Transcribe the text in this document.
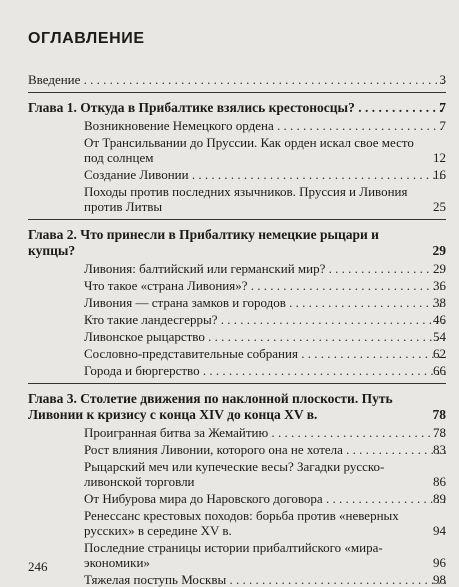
ОГЛАВЛЕНИЕ
Введение . . .	3
Глава 1. Откуда в Прибалтике взялись крестоносцы? . . .	7
Возникновение Немецкого ордена . . .	7
От Трансильвании до Пруссии. Как орден искал свое место под солнцем	12
Создание Ливонии . . .	16
Походы против последних язычников. Пруссия и Ливония против Литвы	25
Глава 2. Что принесли в Прибалтику немецкие рыцари и купцы?	29
Ливония: балтийский или германский мир? . . .	29
Что такое «страна Ливония»? . . .	36
Ливония — страна замков и городов . . .	38
Кто такие ландесгерры? . . .	46
Ливонское рыцарство . . .	54
Сословно-представительные собрания . . .	62
Города и бюргерство . . .	66
Глава 3. Столетие движения по наклонной плоскости. Путь Ливонии к кризису с конца XIV до конца XV в.	78
Проигранная битва за Жемайтию . . .	78
Рост влияния Ливонии, которого она не хотела . . .	83
Рыцарский меч или купеческие весы? Загадки русско-ливонской торговли	86
От Нибурова мира до Наровского договора . . .	89
Ренессанс крестовых походов: борьба против «неверных русских» в середине XV в.	94
Последние страницы истории прибалтийского «мира-экономики»	96
Тяжелая поступь Москвы . . .	98
246
